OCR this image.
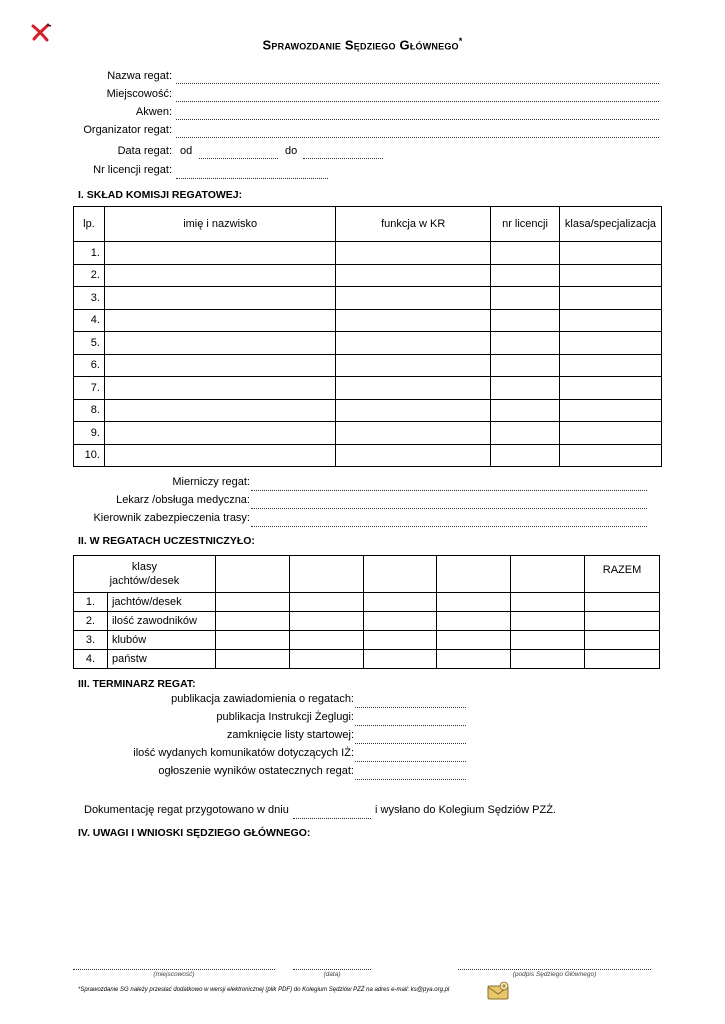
Sprawozdanie Sędziego Głównego*
Nazwa regat:
Miejscowość:
Akwen:
Organizator regat:
Data regat: od	do
Nr licencji regat:
I. SKŁAD KOMISJI REGATOWEJ:
lp.	imię i nazwisko	funkcja w KR	nr licencji	klasa/specjalizacja
1.				
2.				
3.				
4.				
5.				
6.				
7.				
8.				
9.				
10.				
Mierniczy regat:
Lekarz /obsługa medyczna:
Kierownik zabezpieczenia trasy:
II. W REGATACH UCZESTNICZYŁO:
klasy
jachtów/desek							RAZEM
1.	jachtów/desek						
2.	ilość zawodników						
3.	klubów						
4.	państw						
III. TERMINARZ REGAT:
publikacja zawiadomienia o regatach:
publikacja Instrukcji Żeglugi:
zamknięcie listy startowej:
ilość wydanych komunikatów dotyczących IŻ:
ogłoszenie wyników ostatecznych regat:
Dokumentację regat przygotowano w dniu	i wysłano do Kolegium Sędziów PZŻ.
IV. UWAGI I WNIOSKI SĘDZIEGO GŁÓWNEGO:
(miejscowość)	(data)	(podpis Sędziego Głównego)
*Sprawozdanie SG należy przesłać dodatkowo w wersji elektronicznej (plik PDF) do Kolegium Sędziów PZŻ na adres e-mail: ks@pya.org.pl
